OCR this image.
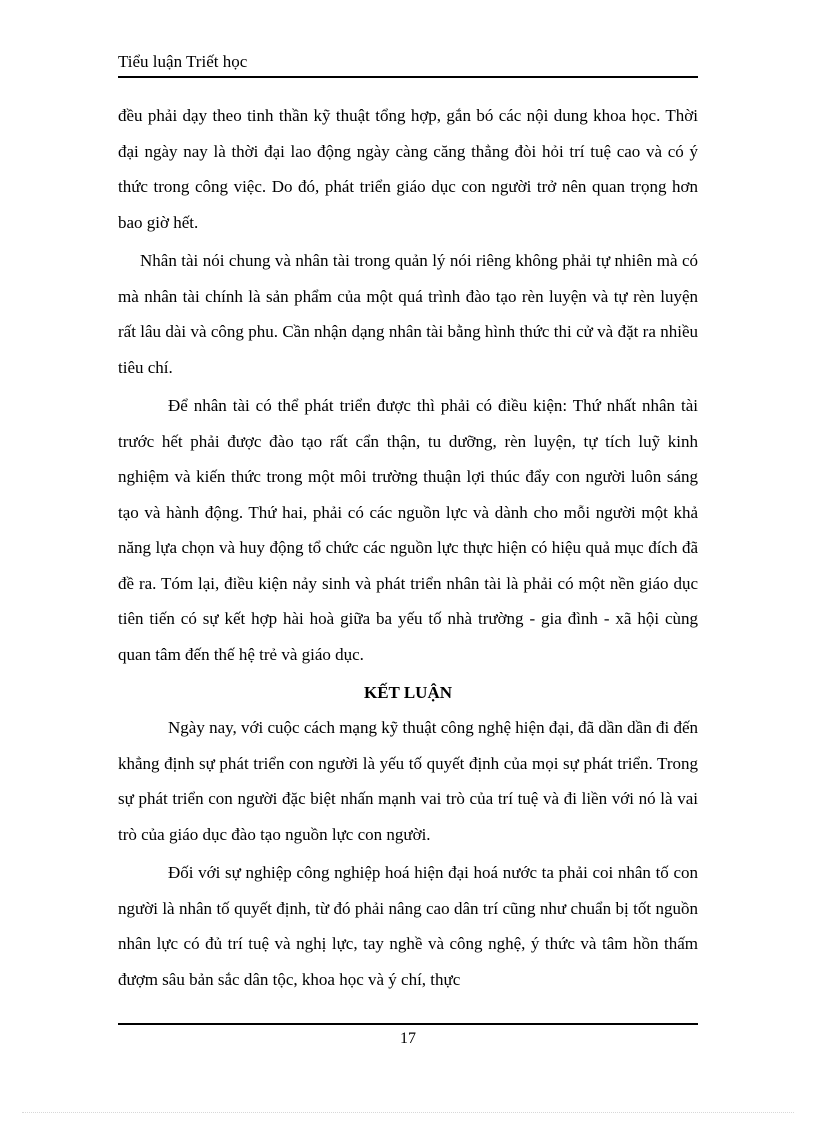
Tiểu luận Triết học

đều phải dạy theo tinh thần kỹ thuật tổng hợp, gắn bó các nội dung khoa học. Thời đại ngày nay là thời đại lao động ngày càng căng thẳng đòi hỏi trí tuệ cao và có ý thức trong công việc. Do đó, phát triển giáo dục con người trở nên quan trọng hơn bao giờ hết.

Nhân tài nói chung và nhân tài trong quản lý nói riêng không phải tự nhiên mà có mà nhân tài chính là sản phẩm của một quá trình đào tạo rèn luyện và tự rèn luyện rất lâu dài và công phu. Cần nhận dạng nhân tài bằng hình thức thi cử và đặt ra nhiều tiêu chí.

Để nhân tài có thể phát triển được thì phải có điều kiện: Thứ nhất nhân tài trước hết phải được đào tạo rất cẩn thận, tu dưỡng, rèn luyện, tự tích luỹ kinh nghiệm và kiến thức trong một môi trường thuận lợi thúc đẩy con người luôn sáng tạo và hành động. Thứ hai, phải có các nguồn lực và dành cho mỗi người một khả năng lựa chọn và huy động tổ chức các nguồn lực thực hiện có hiệu quả mục đích đã đề ra. Tóm lại, điều kiện nảy sinh và phát triển nhân tài là phải có một nền giáo dục tiên tiến có sự kết hợp hài hoà giữa ba yếu tố nhà trường - gia đình - xã hội cùng quan tâm đến thế hệ trẻ và giáo dục.

KẾT LUẬN

Ngày nay, với cuộc cách mạng kỹ thuật công nghệ hiện đại, đã dần dần đi đến khẳng định sự phát triển con người là yếu tố quyết định của mọi sự phát triển. Trong sự phát triển con người đặc biệt nhấn mạnh vai trò của trí tuệ và đi liền với nó là vai trò của giáo dục đào tạo nguồn lực con người.

Đối với sự nghiệp công nghiệp hoá hiện đại hoá nước ta phải coi nhân tố con người là nhân tố quyết định, từ đó phải nâng cao dân trí cũng như chuẩn bị tốt nguồn nhân lực có đủ trí tuệ và nghị lực, tay nghề và công nghệ, ý thức và tâm hồn thấm đượm sâu bản sắc dân tộc, khoa học và ý chí, thực

17
